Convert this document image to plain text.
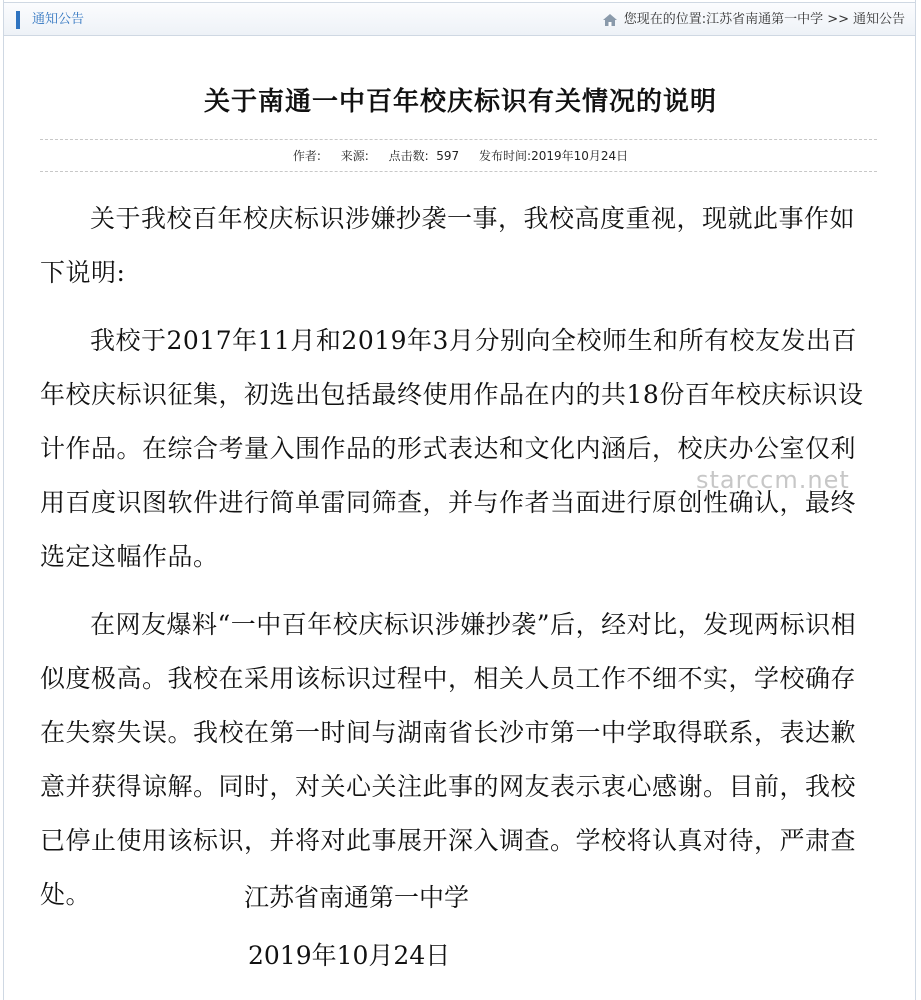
通知公告	您现在的位置: 江苏省南通第一中学 >> 通知公告
关于南通一中百年校庆标识有关情况的说明
作者: 来源: 点击数: 597 发布时间:2019年10月24日

关于我校百年校庆标识涉嫌抄袭一事，我校高度重视，现就此事作如下说明:

我校于2017年11月和2019年3月分别向全校师生和所有校友发出百年校庆标识征集，初选出包括最终使用作品在内的共18份百年校庆标识设计作品。在综合考量入围作品的形式表达和文化内涵后，校庆办公室仅利用百度识图软件进行简单雷同筛查，并与作者当面进行原创性确认，最终选定这幅作品。

在网友爆料“一中百年校庆标识涉嫌抄袭”后，经对比，发现两标识相似度极高。我校在采用该标识过程中，相关人员工作不细不实，学校确存在失察失误。我校在第一时间与湖南省长沙市第一中学取得联系，表达歉意并获得谅解。同时，对关心关注此事的网友表示衷心感谢。目前，我校已停止使用该标识，并将对此事展开深入调查。学校将认真对待，严肃查处。	江苏省南通第一中学
2019年10月24日
starccm.net
